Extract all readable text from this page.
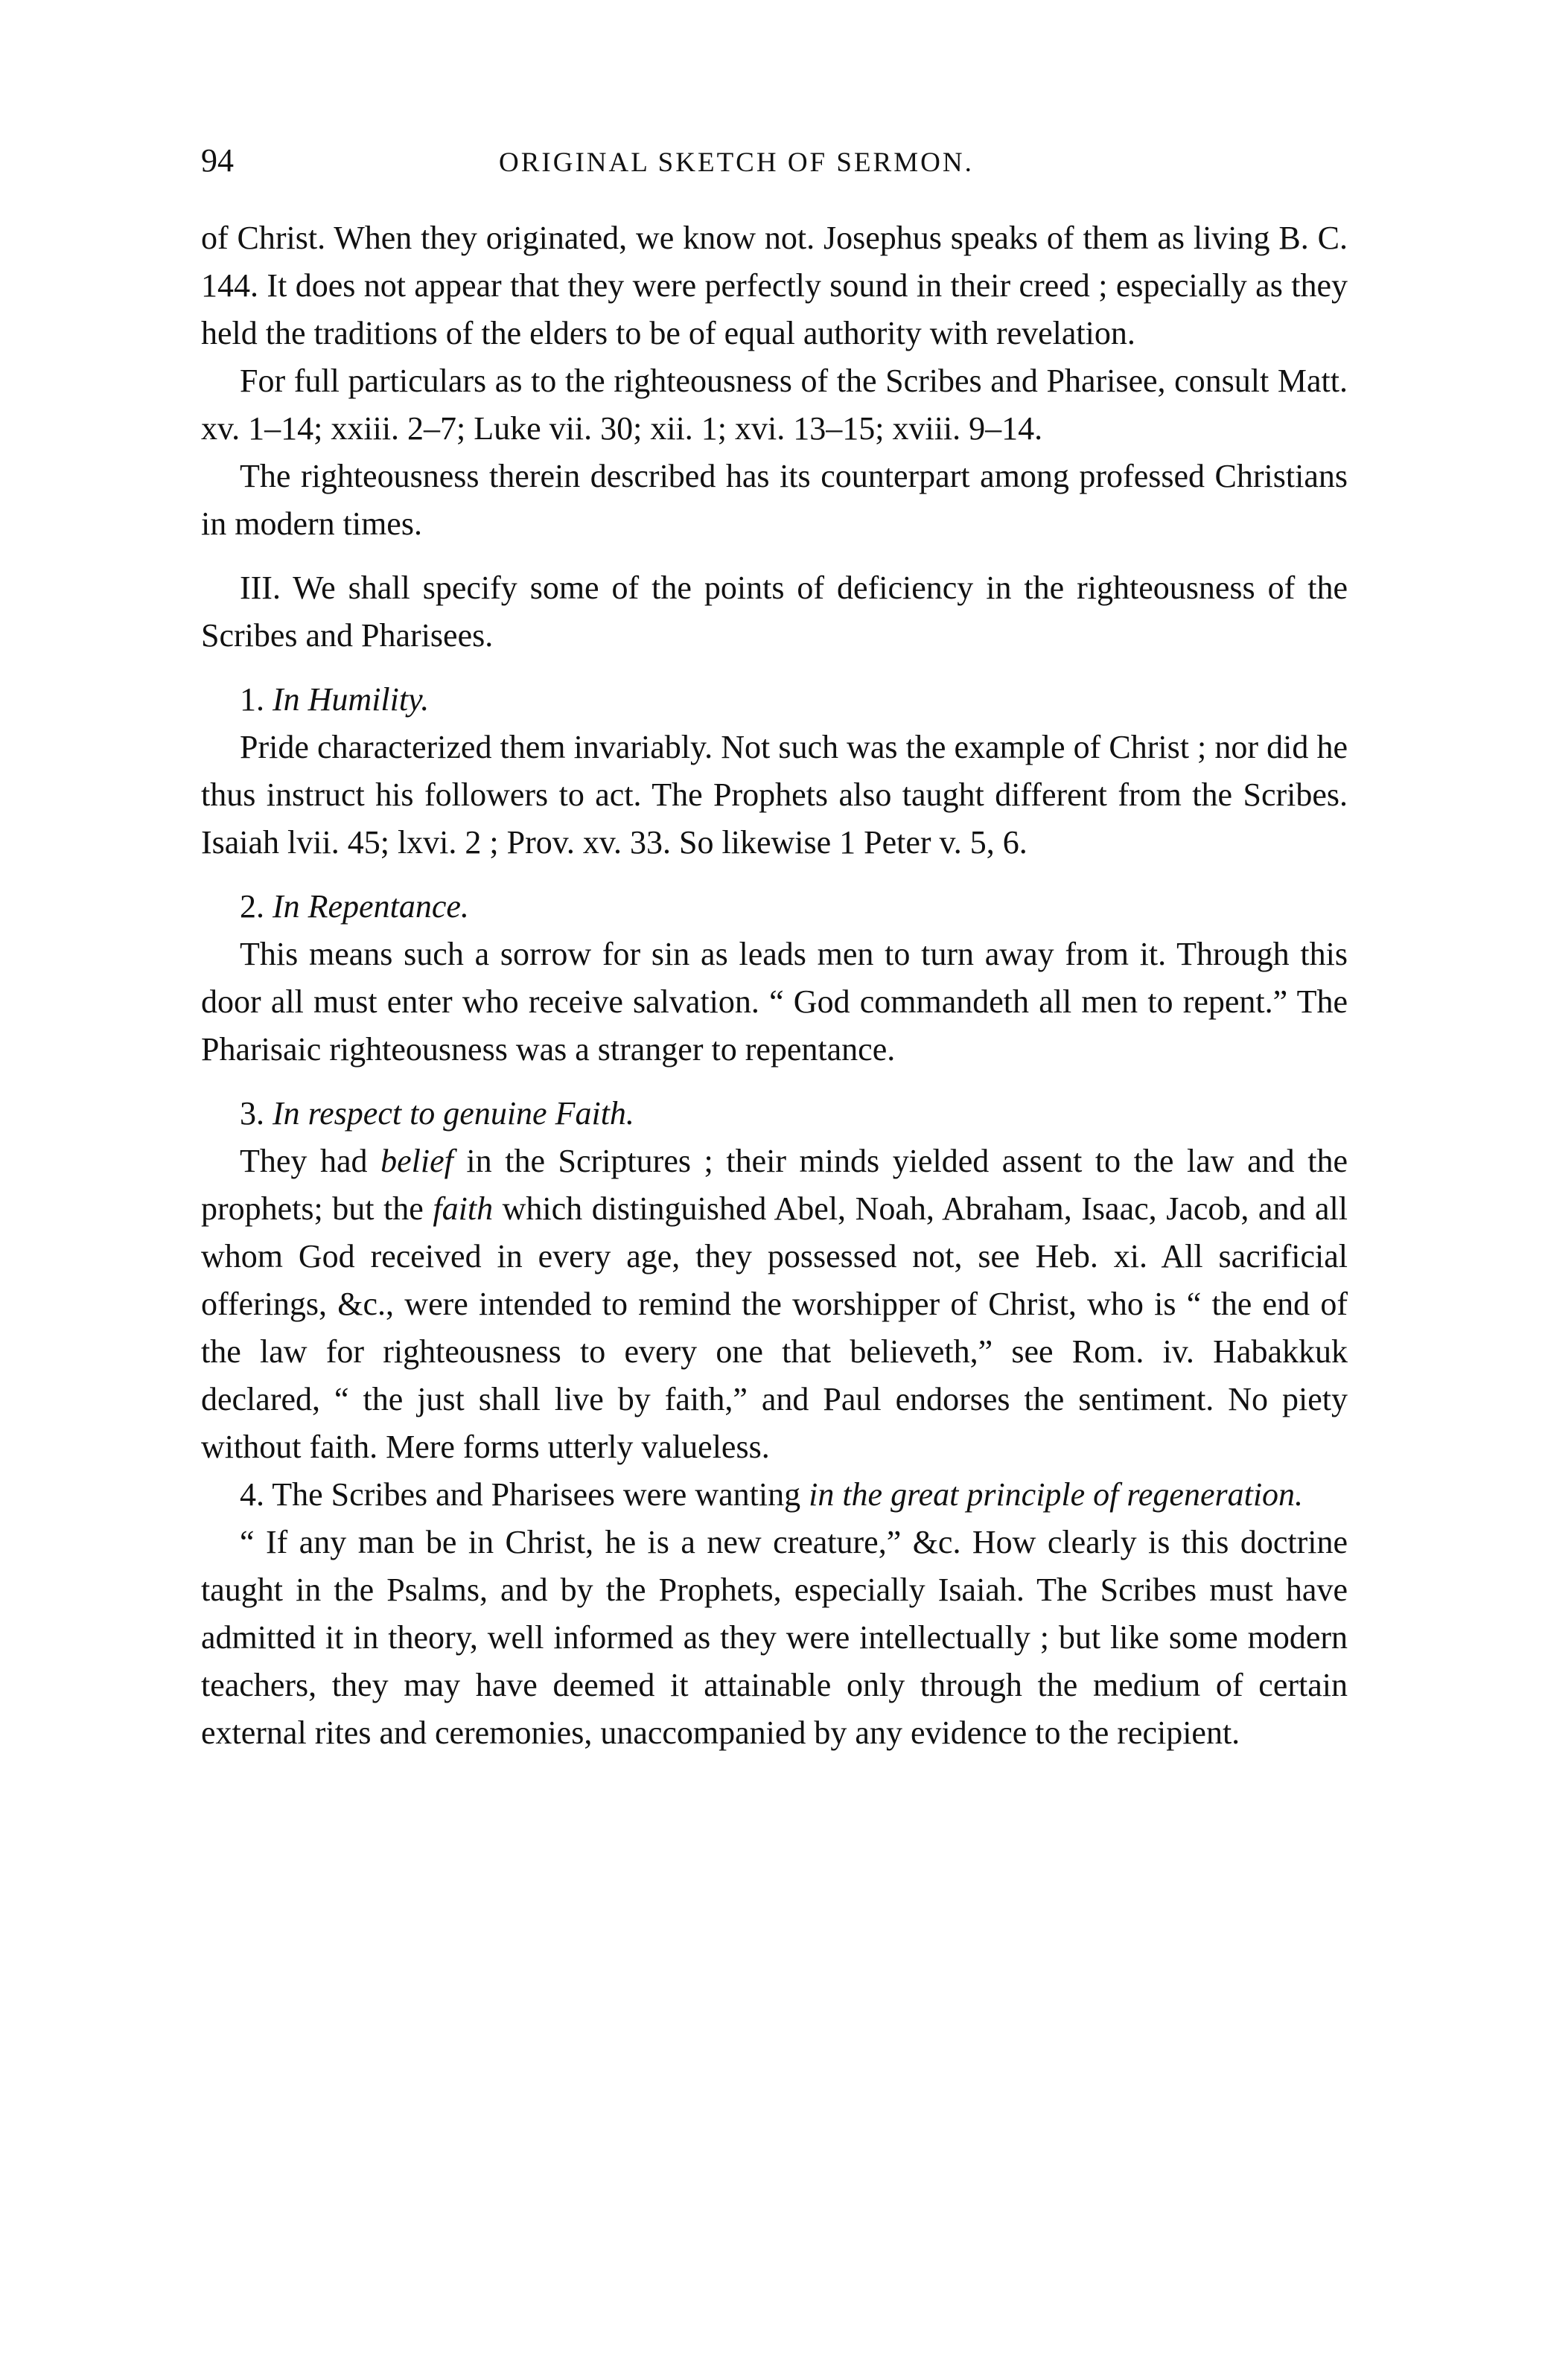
94	ORIGINAL SKETCH OF SERMON.

of Christ. When they originated, we know not. Josephus speaks of them as living B. C. 144. It does not appear that they were perfectly sound in their creed ; especially as they held the traditions of the elders to be of equal authority with revelation.

For full particulars as to the righteousness of the Scribes and Pharisee, consult Matt. xv. 1–14; xxiii. 2–7; Luke vii. 30; xii. 1; xvi. 13–15; xviii. 9–14.

The righteousness therein described has its counterpart among professed Christians in modern times.

III. We shall specify some of the points of deficiency in the righteousness of the Scribes and Pharisees.

1. In Humility.

Pride characterized them invariably. Not such was the example of Christ ; nor did he thus instruct his followers to act. The Prophets also taught different from the Scribes. Isaiah lvii. 45; lxvi. 2 ; Prov. xv. 33. So likewise 1 Peter v. 5, 6.

2. In Repentance.

This means such a sorrow for sin as leads men to turn away from it. Through this door all must enter who receive salvation. “ God commandeth all men to repent.” The Pharisaic righteousness was a stranger to repentance.

3. In respect to genuine Faith.

They had belief in the Scriptures ; their minds yielded assent to the law and the prophets; but the faith which distinguished Abel, Noah, Abraham, Isaac, Jacob, and all whom God received in every age, they possessed not, see Heb. xi. All sacrificial offerings, &c., were intended to remind the worshipper of Christ, who is “ the end of the law for righteousness to every one that believeth,” see Rom. iv. Habakkuk declared, “ the just shall live by faith,” and Paul endorses the sentiment. No piety without faith. Mere forms utterly valueless.

4. The Scribes and Pharisees were wanting in the great principle of regeneration.

“ If any man be in Christ, he is a new creature,” &c. How clearly is this doctrine taught in the Psalms, and by the Prophets, especially Isaiah. The Scribes must have admitted it in theory, well informed as they were intellectually ; but like some modern teachers, they may have deemed it attainable only through the medium of certain external rites and ceremonies, unaccompanied by any evidence to the recipient.
